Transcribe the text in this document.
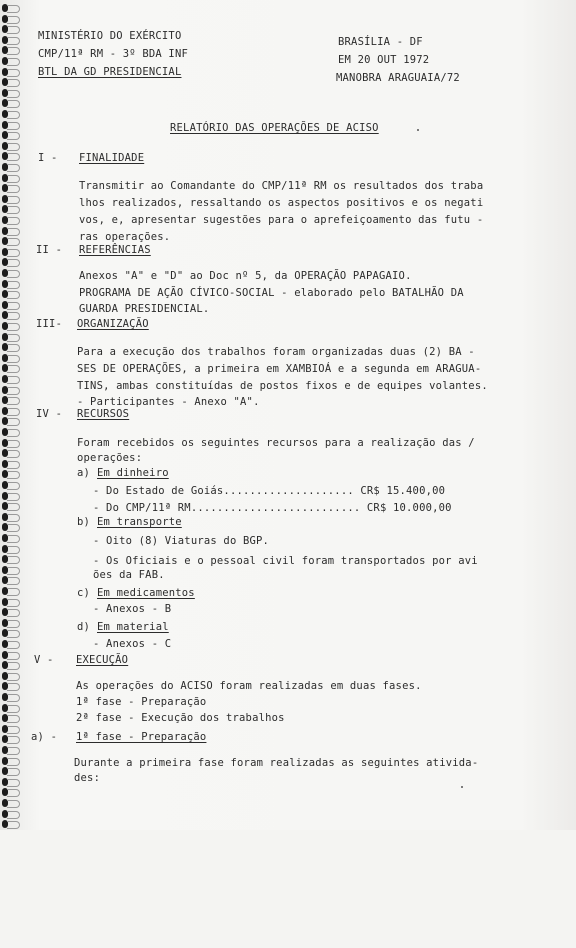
MINISTÉRIO DO EXÉRCITO
CMP/11ª RM - 3º BDA INF
BTL DA GD PRESIDENCIAL
BRASÍLIA - DF
EM 20 OUT 1972
MANOBRA ARAGUAIA/72
RELATÓRIO DAS OPERAÇÕES DE ACISO
I - FINALIDADE
Transmitir ao Comandante do CMP/11ª RM os resultados dos traba
lhos realizados, ressaltando os aspectos positivos e os negati
vos, e, apresentar sugestões para o aprefeiçoamento das futu -
ras operações.
II - REFERÊNCIAS
Anexos "A" e "D" ao Doc nº 5, da OPERAÇÃO PAPAGAIO.
PROGRAMA DE AÇÃO CÍVICO-SOCIAL - elaborado pelo BATALHÃO DA
GUARDA PRESIDENCIAL.
III- ORGANIZAÇÃO
Para a execução dos trabalhos foram organizadas duas (2) BA -
SES DE OPERAÇÕES, a primeira em XAMBIOÁ e a segunda em ARAGUA-
TINS, ambas constituídas de postos fixos e de equipes volantes.
- Participantes - Anexo "A".
IV - RECURSOS
Foram recebidos os seguintes recursos para a realização das /
operações:
a) Em dinheiro
- Do Estado de Goiás.................... CR$ 15.400,00
- Do CMP/11ª RM.......................... CR$ 10.000,00
b) Em transporte
- Oito (8) Viaturas do BGP.
- Os Oficiais e o pessoal civil foram transportados por avi
ões da FAB.
c) Em medicamentos
- Anexos - B
d) Em material
- Anexos - C
V - EXECUÇÃO
As operações do ACISO foram realizadas em duas fases.
1ª fase - Preparação
2ª fase - Execução dos trabalhos
a) - 1ª fase - Preparação
Durante a primeira fase foram realizadas as seguintes ativida-
des:
